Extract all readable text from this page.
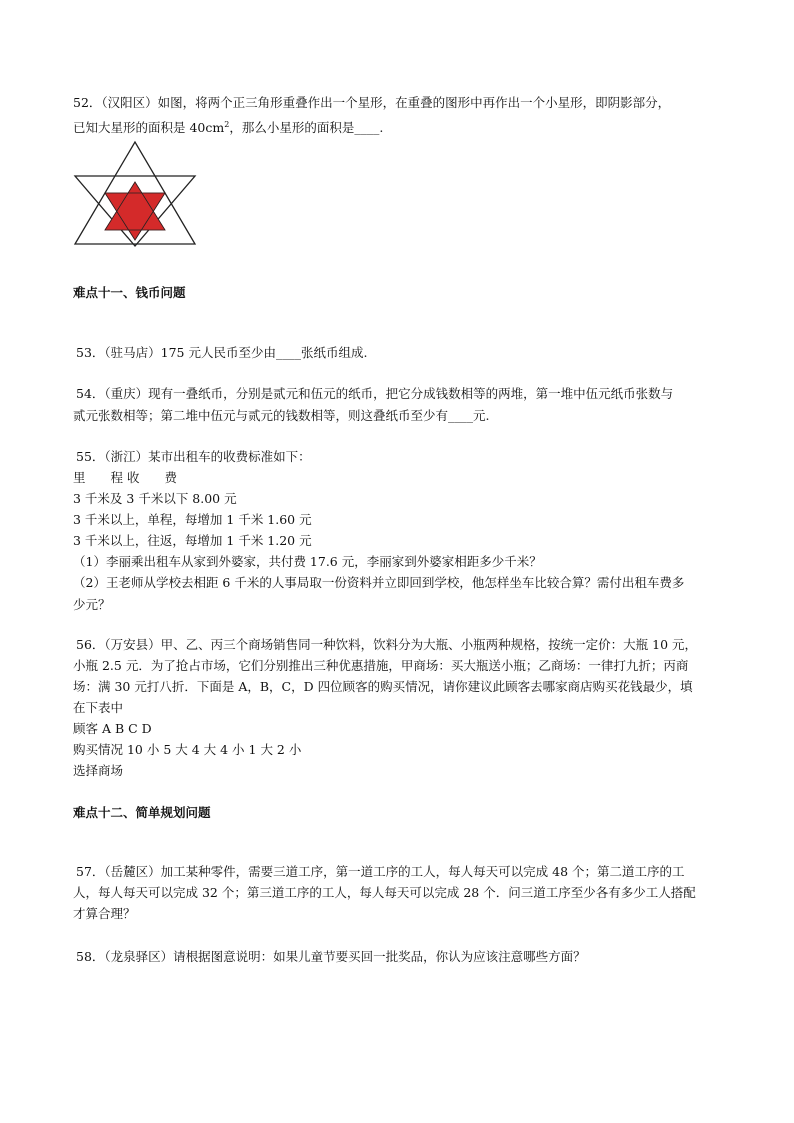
52．（汉阳区）如图，将两个正三角形重叠作出一个星形，在重叠的图形中再作出一个小星形，即阴影部分，
已知大星形的面积是 $40cm^2$，那么小星形的面积是____.
难点十一、钱币问题
53．（驻马店）175 元人民币至少由____张纸币组成.
54．（重庆）现有一叠纸币，分别是贰元和伍元的纸币，把它分成钱数相等的两堆，第一堆中伍元纸币张数与
贰元张数相等；第二堆中伍元与贰元的钱数相等，则这叠纸币至少有____元.
55．（浙江）某市出租车的收费标准如下：
里　　程 收　　费
3 千米及 3 千米以下 8.00 元
3 千米以上，单程，每增加 1 千米 1.60 元
3 千米以上，往返，每增加 1 千米 1.20 元
（1）李丽乘出租车从家到外婆家，共付费 17.6 元，李丽家到外婆家相距多少千米？
（2）王老师从学校去相距 6 千米的人事局取一份资料并立即回到学校，他怎样坐车比较合算？需付出租车费多
少元？
56．（万安县）甲、乙、丙三个商场销售同一种饮料，饮料分为大瓶、小瓶两种规格，按统一定价：大瓶 10 元，
小瓶 2.5 元．为了抢占市场，它们分别推出三种优惠措施，甲商场：买大瓶送小瓶；乙商场：一律打九折；丙商
场：满 30 元打八折．下面是 A，B，C，D 四位顾客的购买情况，请你建议此顾客去哪家商店购买花钱最少，填
在下表中
顾客 A B C D
购买情况 10 小 5 大 4 大 4 小 1 大 2 小
选择商场
难点十二、简单规划问题
57．（岳麓区）加工某种零件，需要三道工序，第一道工序的工人，每人每天可以完成 48 个；第二道工序的工
人，每人每天可以完成 32 个；第三道工序的工人，每人每天可以完成 28 个．问三道工序至少各有多少工人搭配
才算合理？
58．（龙泉驿区）请根据图意说明：如果儿童节要买回一批奖品，你认为应该注意哪些方面？
